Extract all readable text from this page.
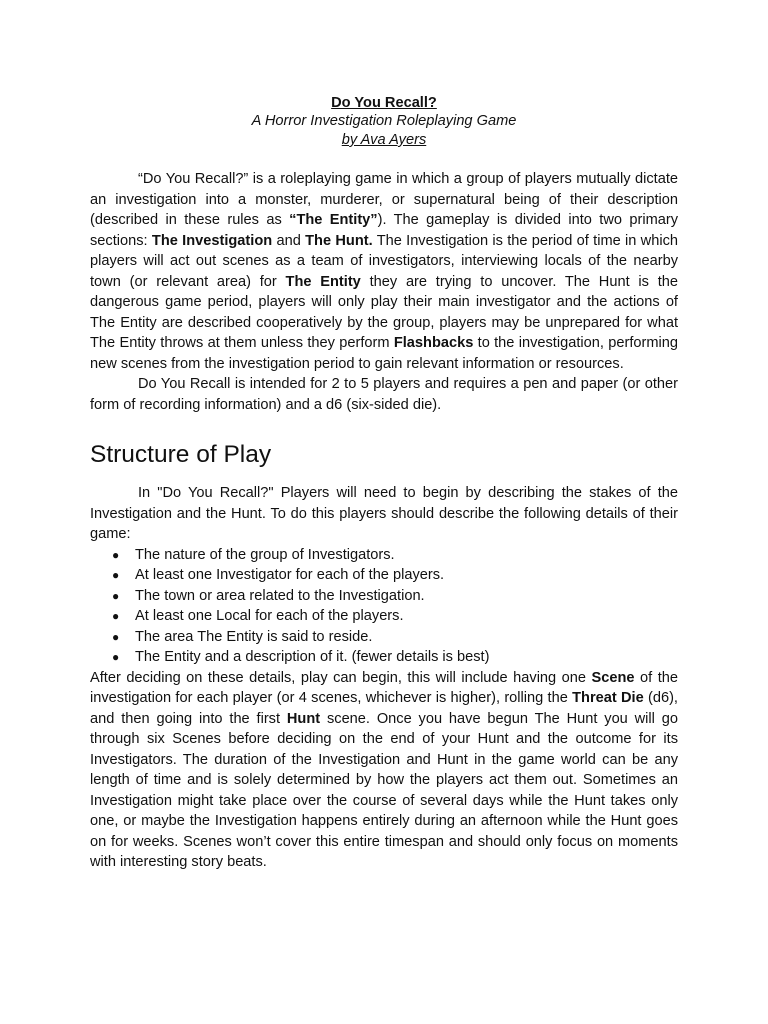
Do You Recall?

A Horror Investigation Roleplaying Game

by Ava Ayers

“Do You Recall?” is a roleplaying game in which a group of players mutually dictate an investigation into a monster, murderer, or supernatural being of their description (described in these rules as “The Entity”). The gameplay is divided into two primary sections: The Investigation and The Hunt. The Investigation is the period of time in which players will act out scenes as a team of investigators, interviewing locals of the nearby town (or relevant area) for The Entity they are trying to uncover. The Hunt is the dangerous game period, players will only play their main investigator and the actions of The Entity are described cooperatively by the group, players may be unprepared for what The Entity throws at them unless they perform Flashbacks to the investigation, performing new scenes from the investigation period to gain relevant information or resources.

Do You Recall is intended for 2 to 5 players and requires a pen and paper (or other form of recording information) and a d6 (six-sided die).

Structure of Play

In "Do You Recall?" Players will need to begin by describing the stakes of the Investigation and the Hunt. To do this players should describe the following details of their game:

● The nature of the group of Investigators.
● At least one Investigator for each of the players.
● The town or area related to the Investigation.
● At least one Local for each of the players.
● The area The Entity is said to reside.
● The Entity and a description of it. (fewer details is best)

After deciding on these details, play can begin, this will include having one Scene of the investigation for each player (or 4 scenes, whichever is higher), rolling the Threat Die (d6), and then going into the first Hunt scene. Once you have begun The Hunt you will go through six Scenes before deciding on the end of your Hunt and the outcome for its Investigators. The duration of the Investigation and Hunt in the game world can be any length of time and is solely determined by how the players act them out. Sometimes an Investigation might take place over the course of several days while the Hunt takes only one, or maybe the Investigation happens entirely during an afternoon while the Hunt goes on for weeks. Scenes won’t cover this entire timespan and should only focus on moments with interesting story beats.
